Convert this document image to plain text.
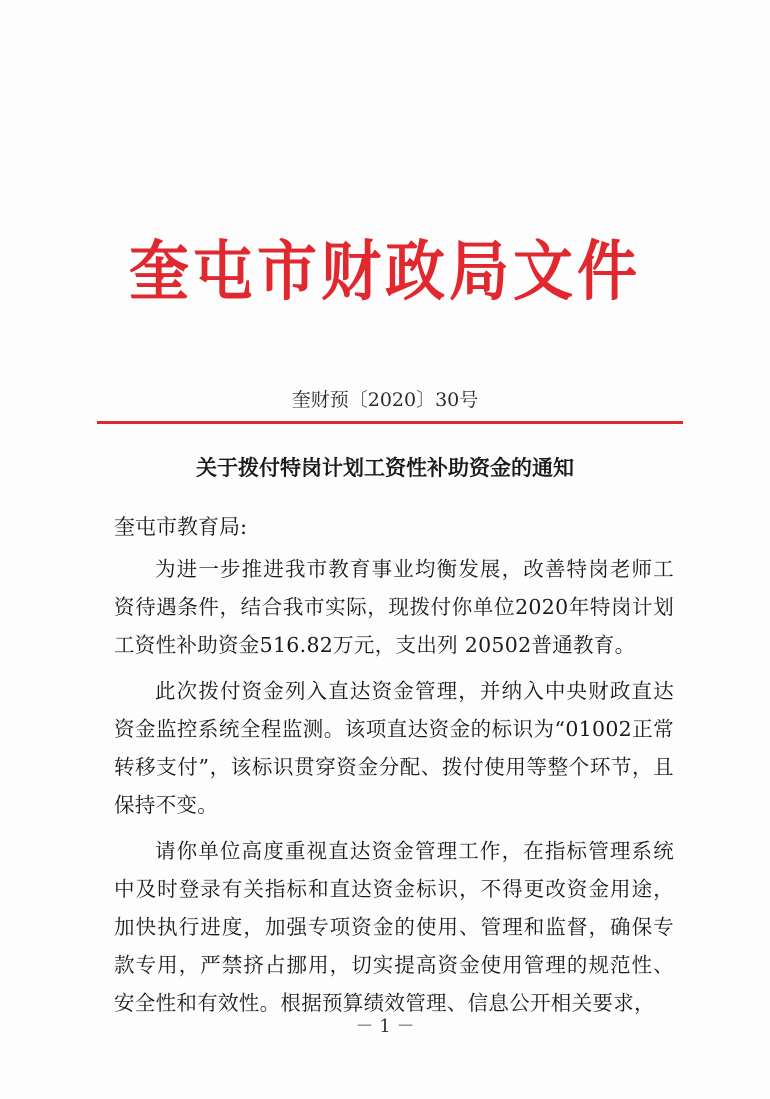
奎屯市财政局文件
奎财预〔2020〕30号
关于拨付特岗计划工资性补助资金的通知
奎屯市教育局:

为进一步推进我市教育事业均衡发展，改善特岗老师工资待遇条件，结合我市实际，现拨付你单位2020年特岗计划工资性补助资金516.82万元，支出列 20502普通教育。

此次拨付资金列入直达资金管理，并纳入中央财政直达资金监控系统全程监测。该项直达资金的标识为“01002正常转移支付”，该标识贯穿资金分配、拨付使用等整个环节，且保持不变。

请你单位高度重视直达资金管理工作，在指标管理系统中及时登录有关指标和直达资金标识，不得更改资金用途，加快执行进度，加强专项资金的使用、管理和监督，确保专款专用，严禁挤占挪用，切实提高资金使用管理的规范性、安全性和有效性。根据预算绩效管理、信息公开相关要求，

－ 1 －
